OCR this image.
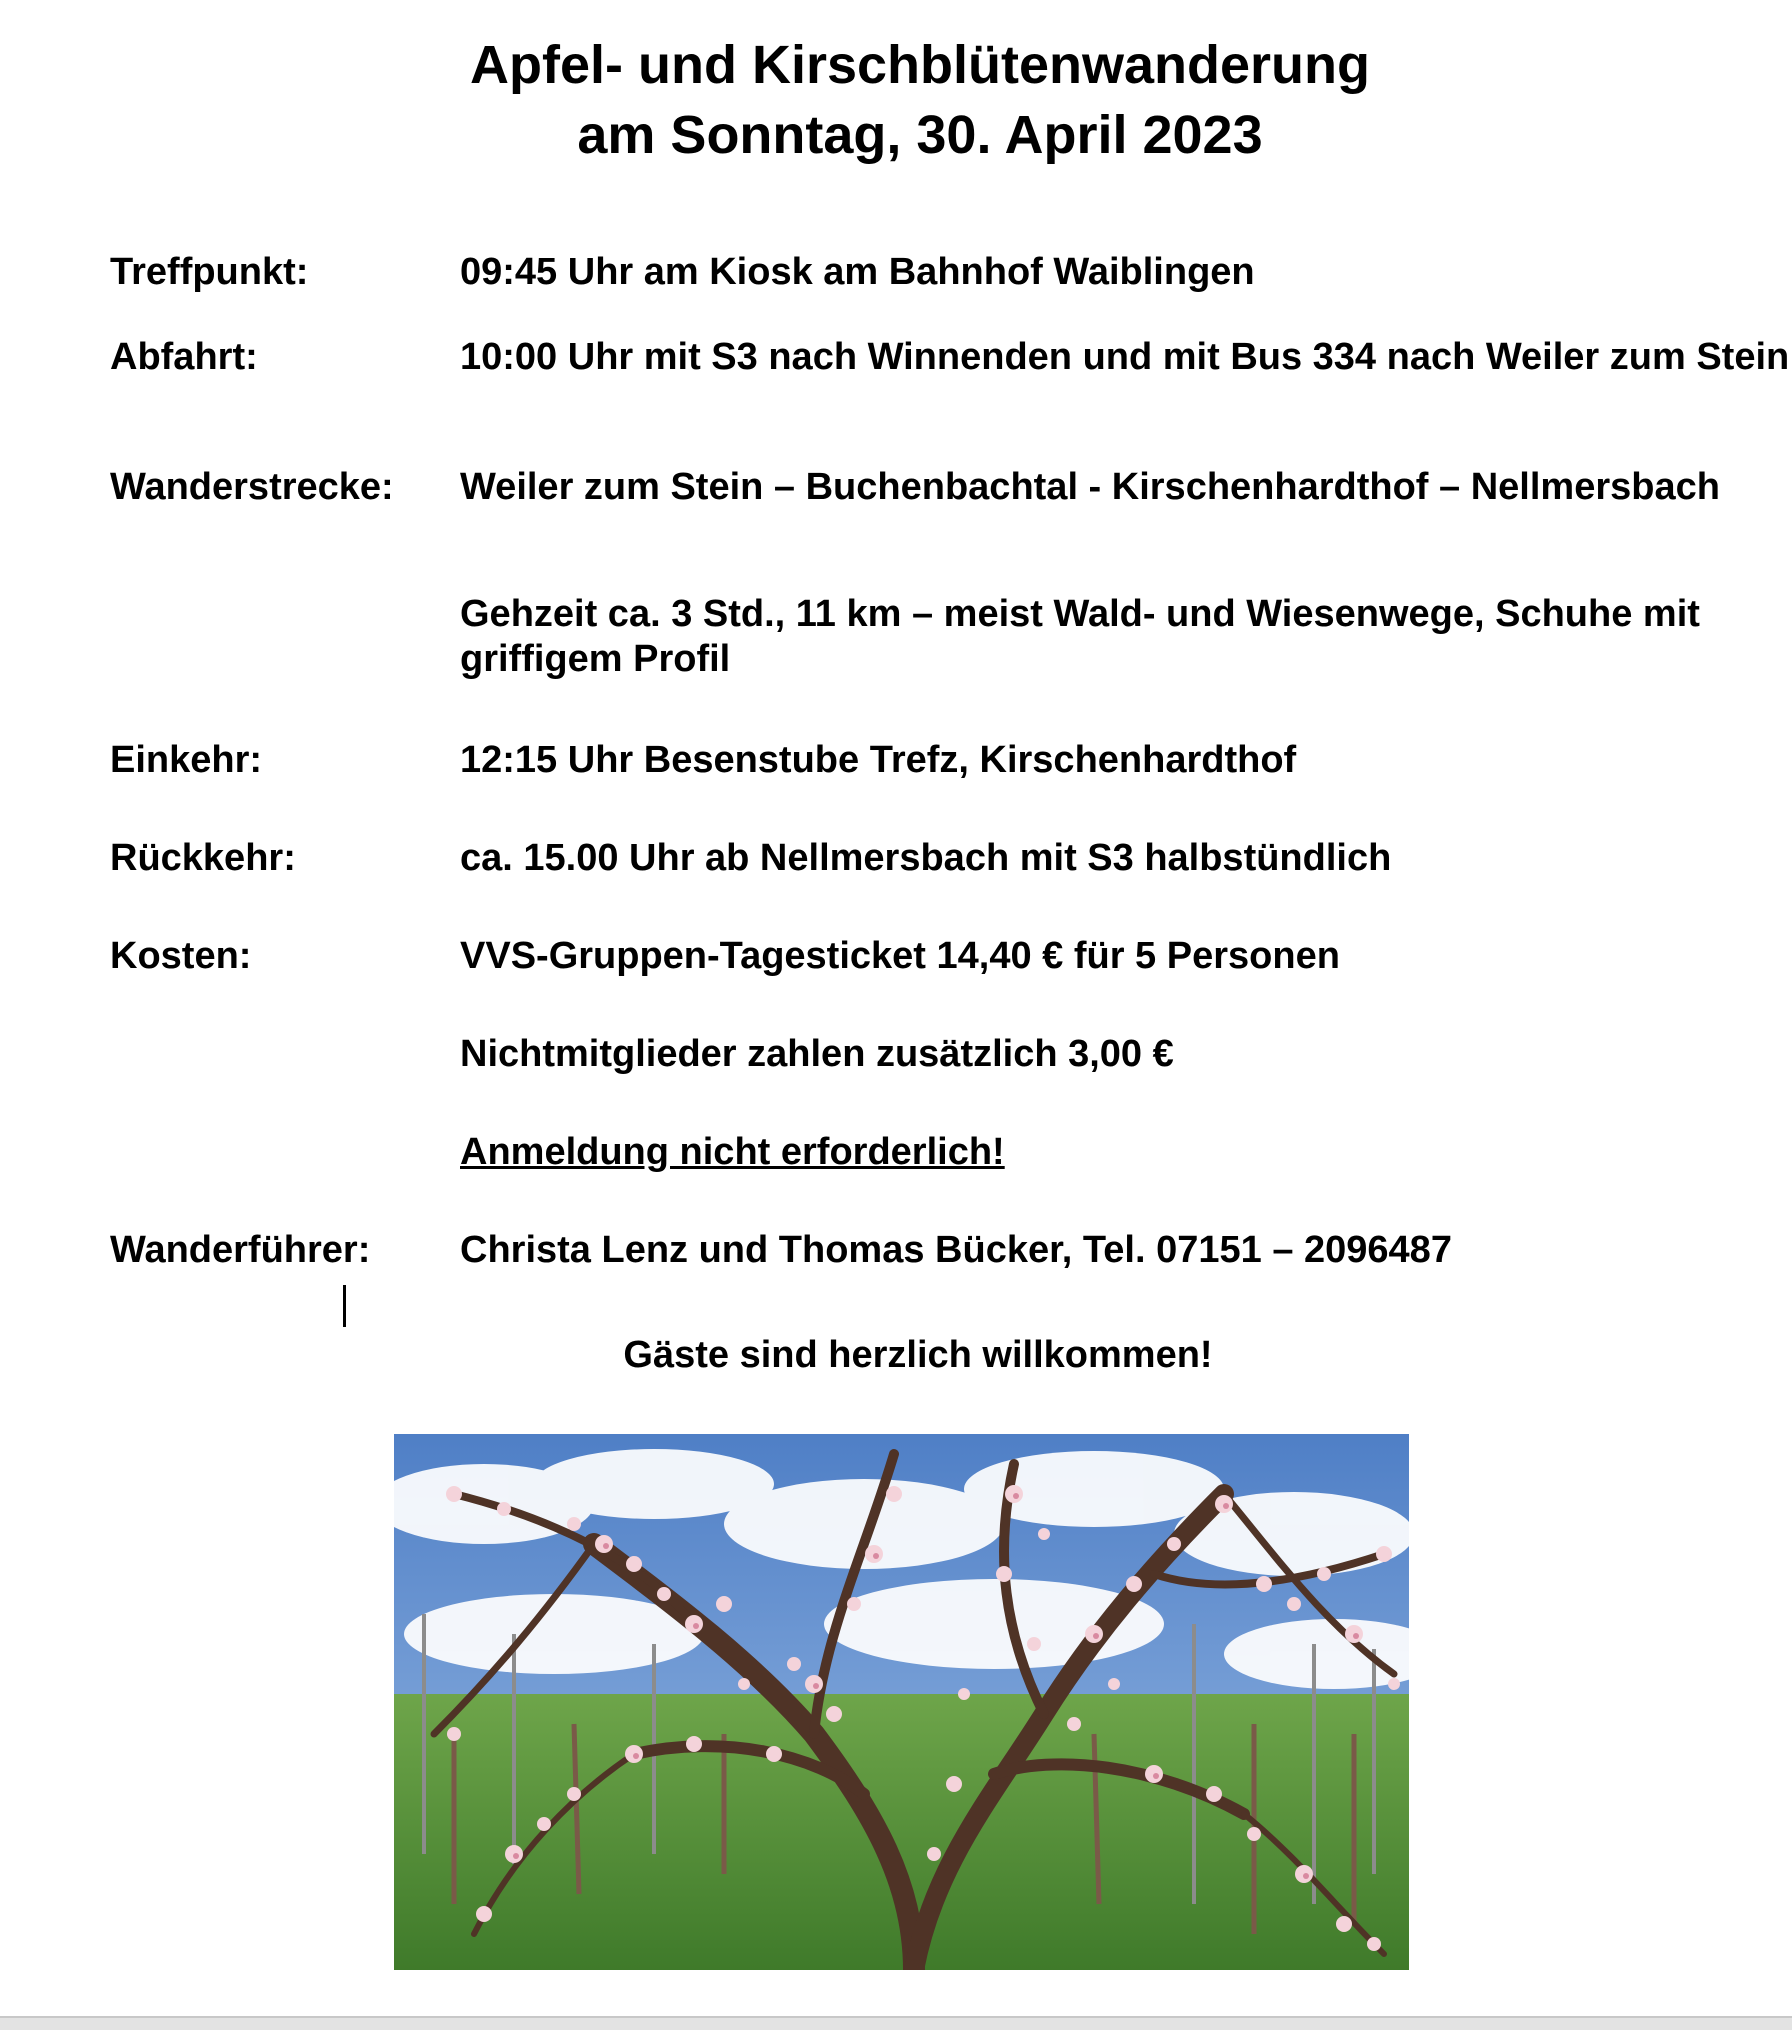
Apfel- und Kirschblütenwanderung
am Sonntag, 30. April 2023
Treffpunkt:	09:45 Uhr am Kiosk am Bahnhof Waiblingen
Abfahrt:	10:00 Uhr mit S3 nach Winnenden und mit Bus 334 nach Weiler zum Stein
Wanderstrecke:	Weiler zum Stein – Buchenbachtal - Kirschenhardthof – Nellmersbach
Gehzeit ca. 3 Std., 11 km – meist Wald- und Wiesenwege, Schuhe mit griffigem Profil
Einkehr:	12:15 Uhr Besenstube Trefz, Kirschenhardthof
Rückkehr:	ca. 15.00 Uhr ab Nellmersbach mit S3 halbstündlich
Kosten:	VVS-Gruppen-Tagesticket 14,40 € für 5 Personen
Nichtmitglieder zahlen zusätzlich 3,00 €
Anmeldung nicht erforderlich!
Wanderführer:	Christa Lenz und Thomas Bücker, Tel. 07151 – 2096487
Gäste sind herzlich willkommen!
